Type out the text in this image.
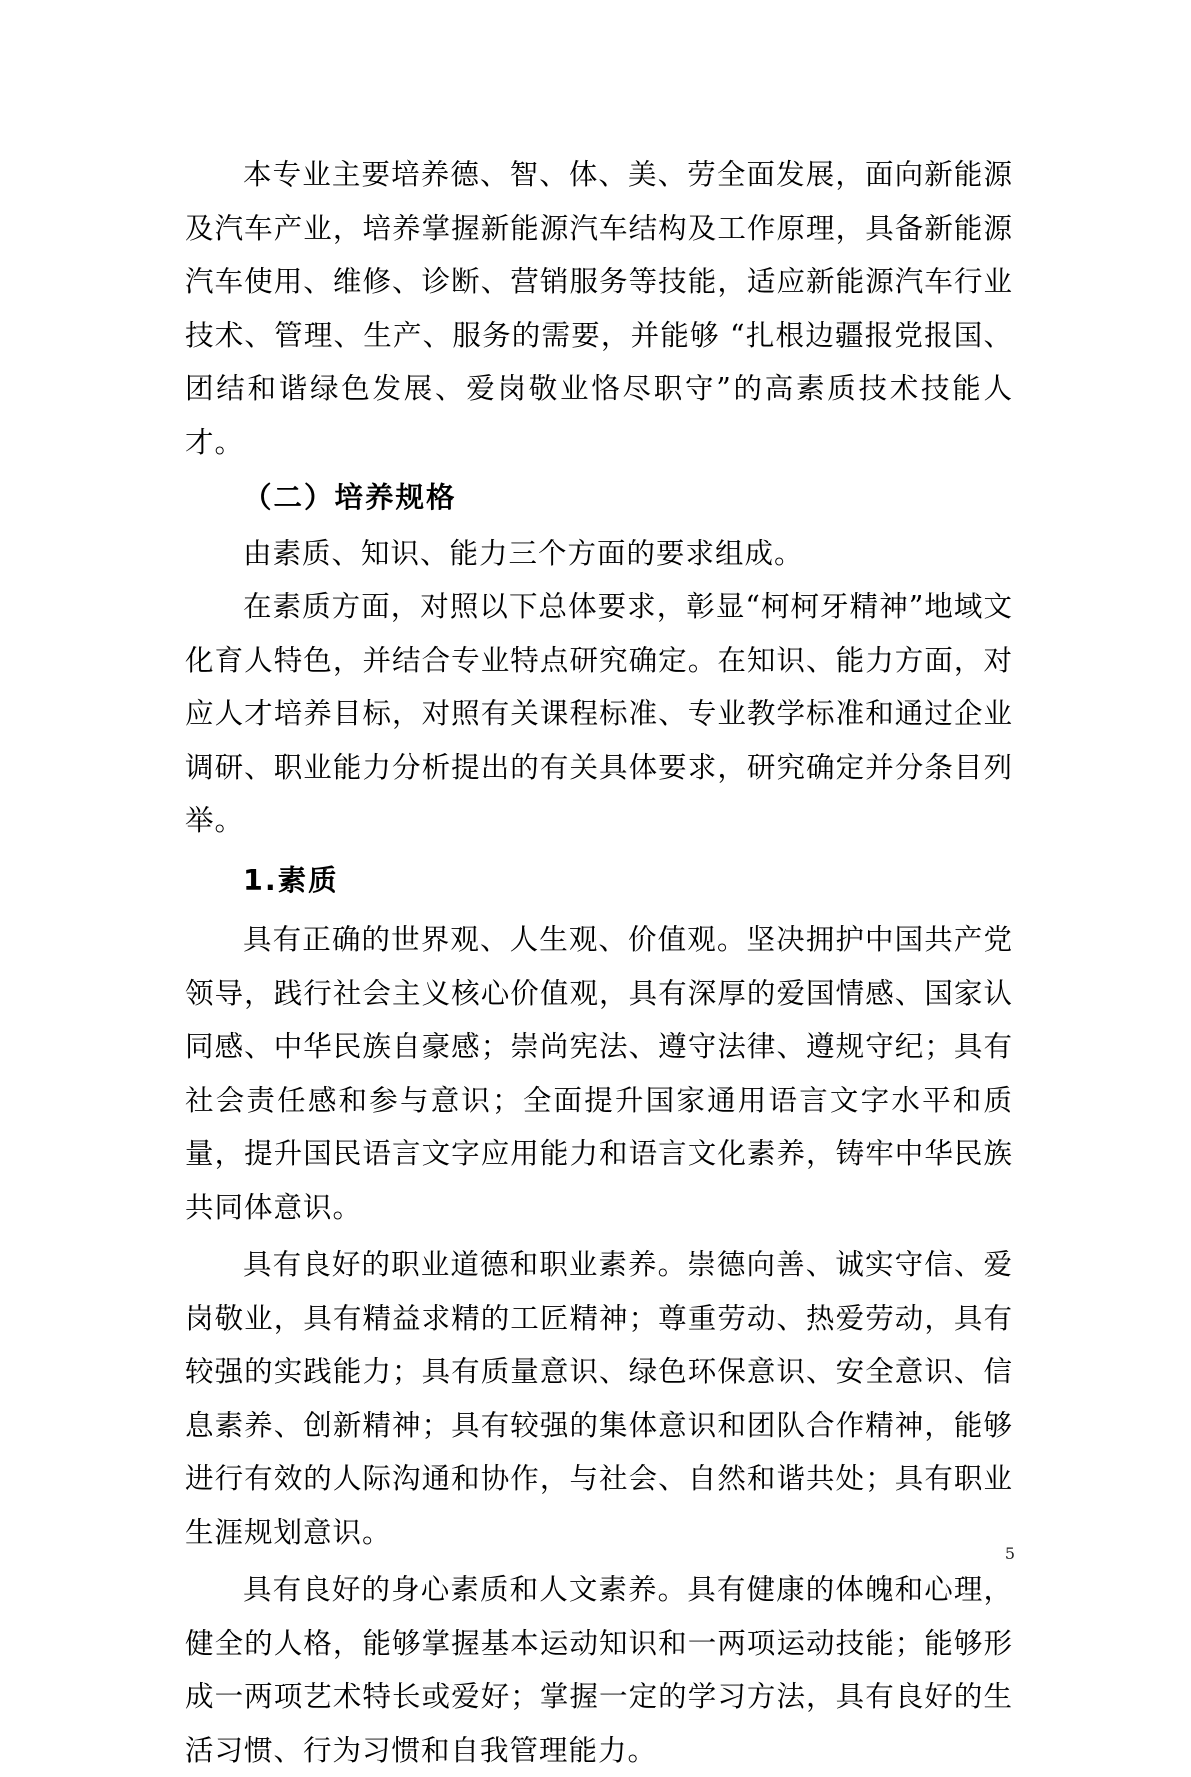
本专业主要培养德、智、体、美、劳全面发展，面向新能源及汽车产业，培养掌握新能源汽车结构及工作原理，具备新能源汽车使用、维修、诊断、营销服务等技能，适应新能源汽车行业技术、管理、生产、服务的需要，并能够 “扎根边疆报党报国、团结和谐绿色发展、爱岗敬业恪尽职守”的高素质技术技能人才。

（二）培养规格

由素质、知识、能力三个方面的要求组成。

在素质方面，对照以下总体要求，彰显“柯柯牙精神”地域文化育人特色，并结合专业特点研究确定。在知识、能力方面，对应人才培养目标，对照有关课程标准、专业教学标准和通过企业调研、职业能力分析提出的有关具体要求，研究确定并分条目列举。

1.素质

具有正确的世界观、人生观、价值观。坚决拥护中国共产党领导，践行社会主义核心价值观，具有深厚的爱国情感、国家认同感、中华民族自豪感；崇尚宪法、遵守法律、遵规守纪；具有社会责任感和参与意识；全面提升国家通用语言文字水平和质量，提升国民语言文字应用能力和语言文化素养，铸牢中华民族共同体意识。

具有良好的职业道德和职业素养。崇德向善、诚实守信、爱岗敬业，具有精益求精的工匠精神；尊重劳动、热爱劳动，具有较强的实践能力；具有质量意识、绿色环保意识、安全意识、信息素养、创新精神；具有较强的集体意识和团队合作精神，能够进行有效的人际沟通和协作，与社会、自然和谐共处；具有职业生涯规划意识。

具有良好的身心素质和人文素养。具有健康的体魄和心理，健全的人格，能够掌握基本运动知识和一两项运动技能；能够形成一两项艺术特长或爱好；掌握一定的学习方法，具有良好的生活习惯、行为习惯和自我管理能力。

5
